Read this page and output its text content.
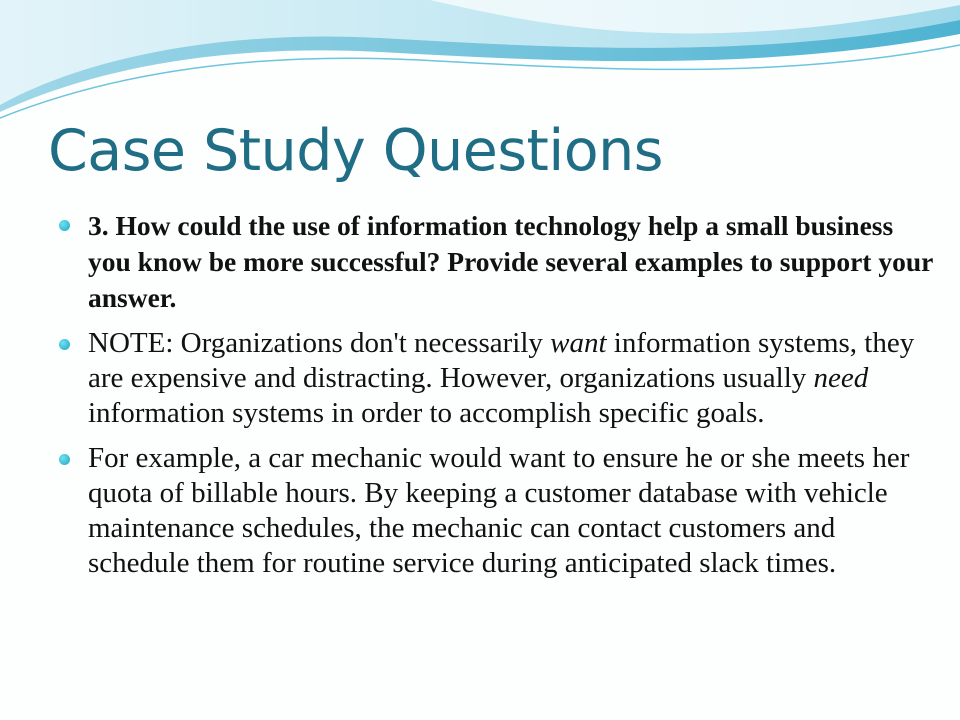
Case Study Questions
3. How could the use of information technology help a small business you know be more successful? Provide several examples to support your answer.
NOTE: Organizations don't necessarily want information systems, they are expensive and distracting. However, organizations usually need information systems in order to accomplish specific goals.
For example, a car mechanic would want to ensure he or she meets her quota of billable hours. By keeping a customer database with vehicle maintenance schedules, the mechanic can contact customers and schedule them for routine service during anticipated slack times.
